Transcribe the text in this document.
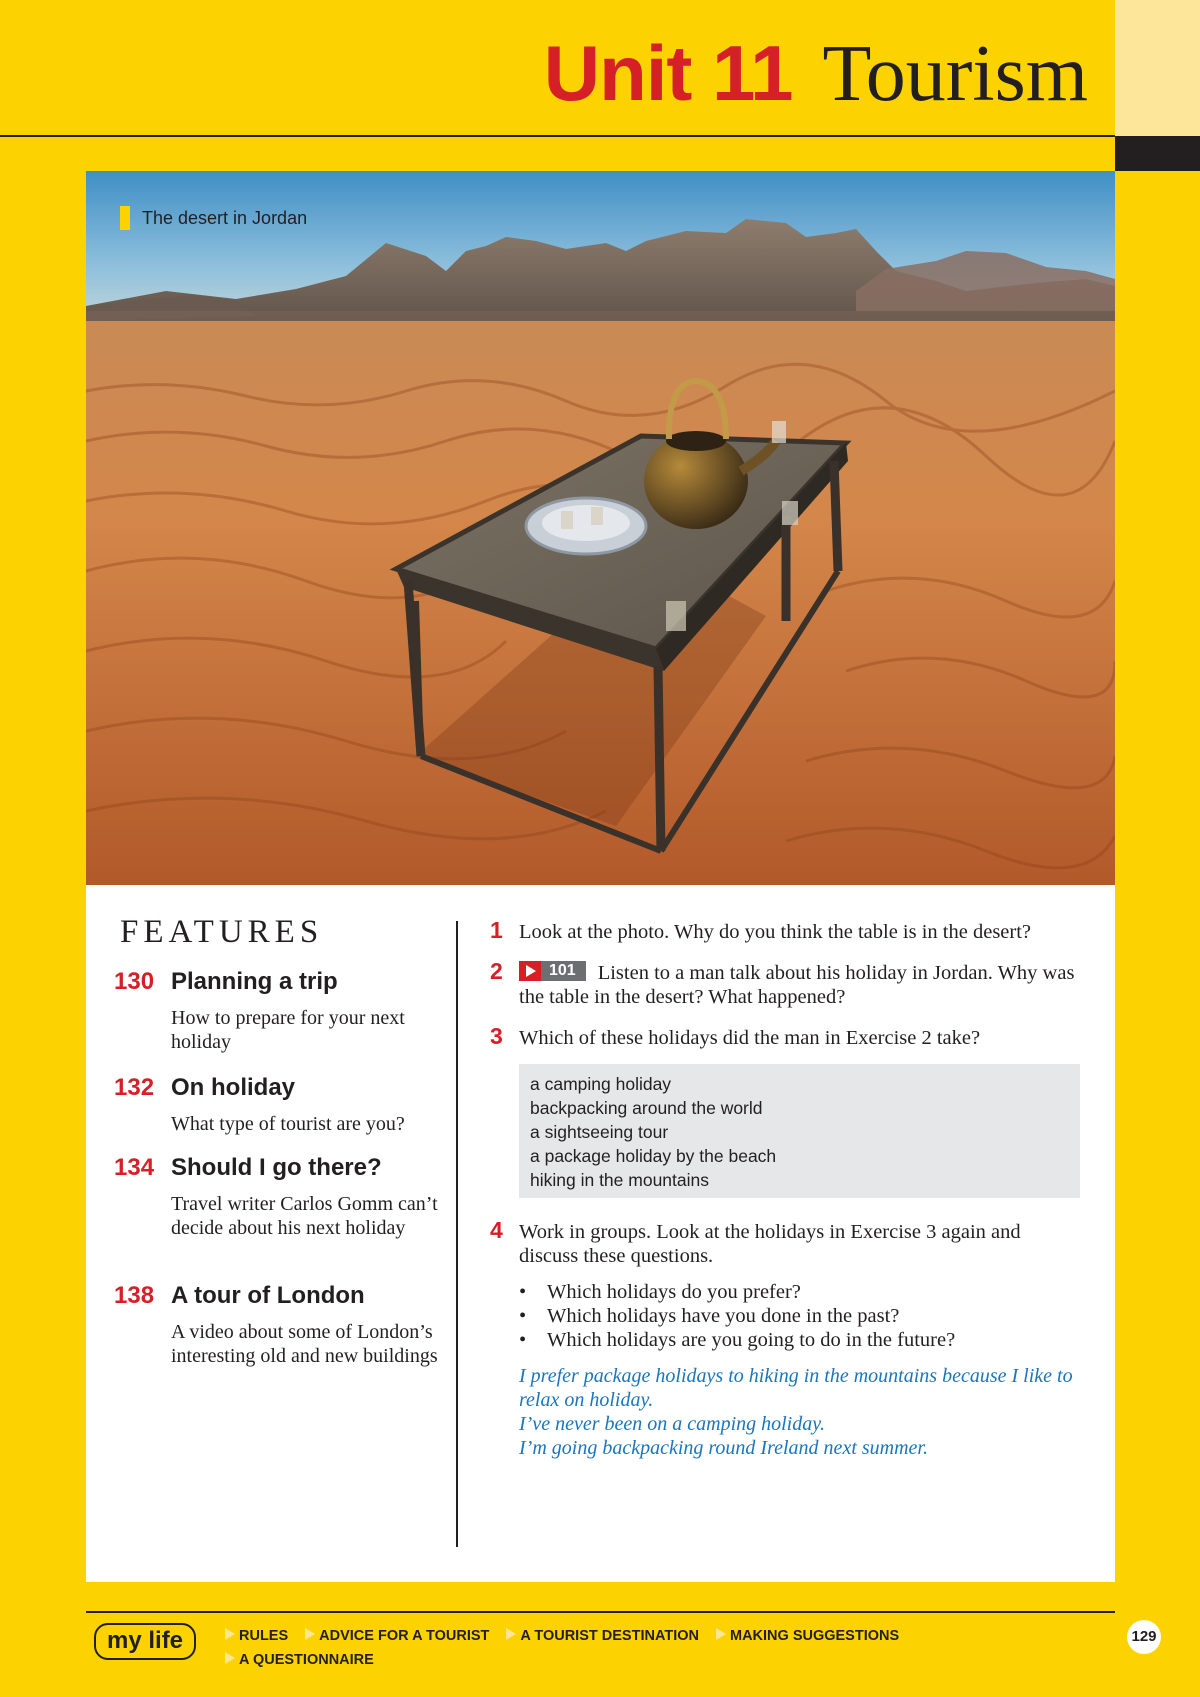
Unit 11 Tourism
The desert in Jordan
FEATURES
130 Planning a trip
How to prepare for your next holiday
132 On holiday
What type of tourist are you?
134 Should I go there?
Travel writer Carlos Gomm can’t decide about his next holiday
138 A tour of London
A video about some of London’s interesting old and new buildings
1 Look at the photo. Why do you think the table is in the desert?
2	101	Listen to a man talk about his holiday in Jordan. Why was the table in the desert? What happened?
3 Which of these holidays did the man in Exercise 2 take?
a camping holiday
backpacking around the world
a sightseeing tour
a package holiday by the beach
hiking in the mountains
4 Work in groups. Look at the holidays in Exercise 3 again and discuss these questions.
• Which holidays do you prefer?
• Which holidays have you done in the past?
• Which holidays are you going to do in the future?
I prefer package holidays to hiking in the mountains because I like to relax on holiday.
I’ve never been on a camping holiday.
I’m going backpacking round Ireland next summer.
my life	RULES ADVICE FOR A TOURIST A TOURIST DESTINATION MAKING SUGGESTIONS
A QUESTIONNAIRE
129
